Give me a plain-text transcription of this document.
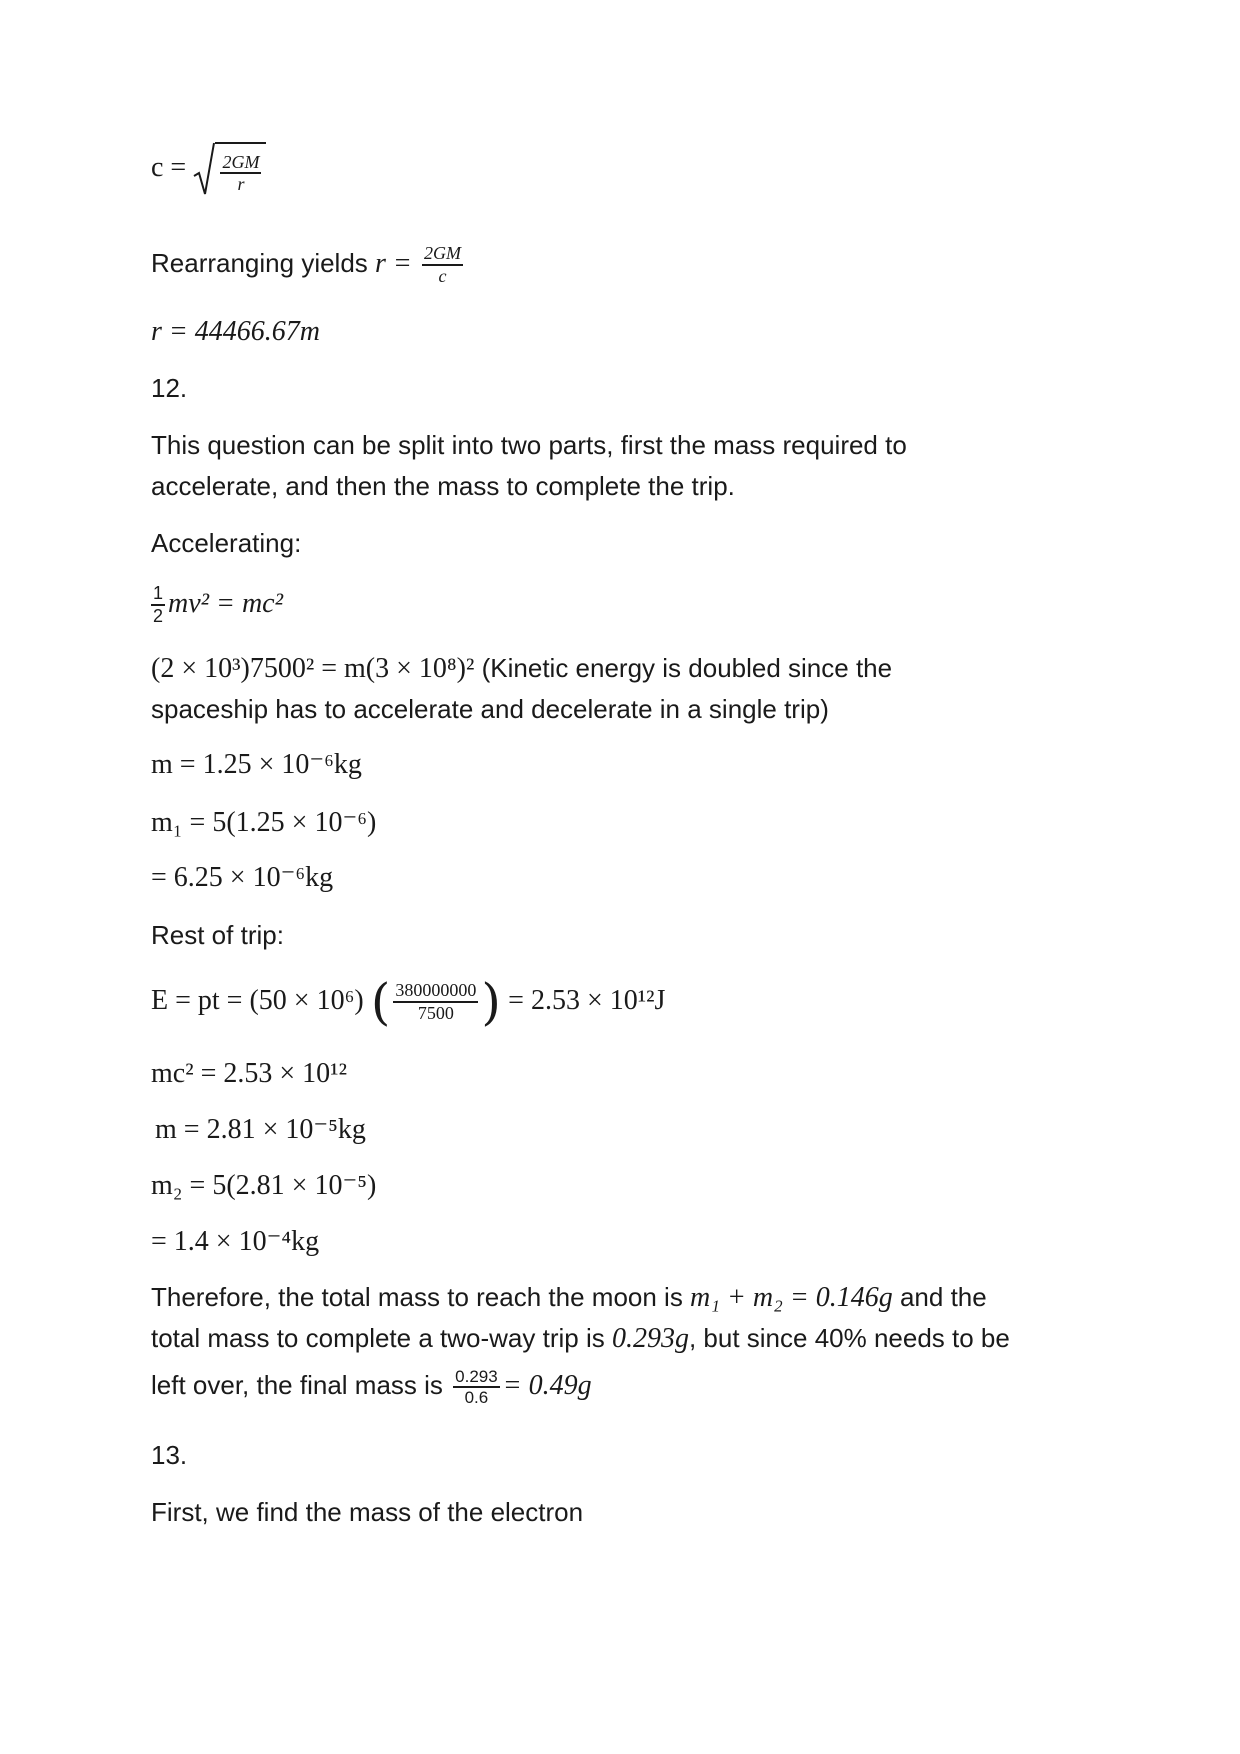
$c = \frac{2GM}{r}$
Rearranging yields $r = \frac{2GM}{c}$
r = 44466.67m
12.
This question can be split into two parts, first the mass required to
accelerate, and then the mass to complete the trip.
Accelerating:
$\frac{1}{2} mv^2 = mc^2$
(2 × 10³)7500² = m(3 × 10⁸)² (Kinetic energy is doubled since the
spaceship has to accelerate and decelerate in a single trip)
m = 1.25 × 10⁻⁶kg
m₁ = 5(1.25 × 10⁻⁶)
= 6.25 × 10⁻⁶kg
Rest of trip:
E = pt = (50 × 10⁶) ( $\frac{380000000}{7500}$ ) = 2.53 × 10¹²J
mc² = 2.53 × 10¹²
m = 2.81 × 10⁻⁵kg
m₂ = 5(2.81 × 10⁻⁵)
= 1.4 × 10⁻⁴kg
Therefore, the total mass to reach the moon is m₁ + m₂ = 0.146g and the
total mass to complete a two-way trip is 0.293g, but since 40% needs to be
left over, the final mass is $\frac{0.293}{0.6} = 0.49g$
13.
First, we find the mass of the electron
